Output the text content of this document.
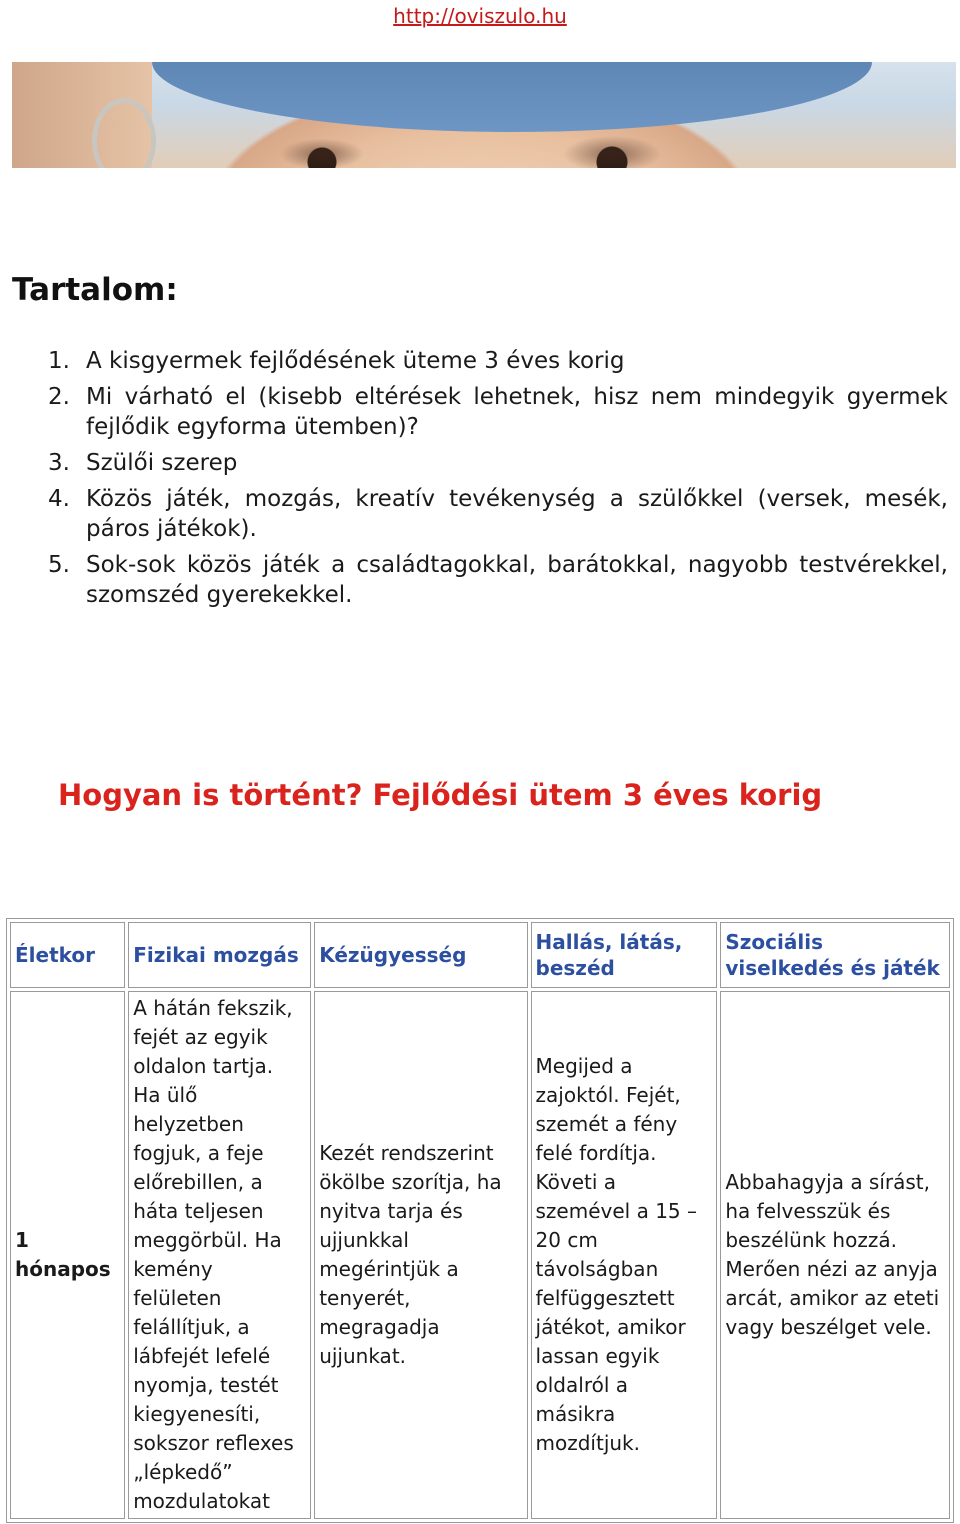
http://oviszulo.hu
Tartalom:
1. A kisgyermek fejlődésének üteme 3 éves korig
2. Mi várható el (kisebb eltérések lehetnek, hisz nem mindegyik gyermek fejlődik egyforma ütemben)?
3. Szülői szerep
4. Közös játék, mozgás, kreatív tevékenység a szülőkkel (versek, mesék, páros játékok).
5. Sok-sok közös játék a családtagokkal, barátokkal, nagyobb testvérekkel, szomszéd gyerekekkel.
Hogyan is történt? Fejlődési ütem 3 éves korig
Életkor	Fizikai mozgás	Kézügyesség	Hallás, látás, beszéd	Szociális viselkedés és játék
1 hónapos	A hátán fekszik, fejét az egyik oldalon tartja. Ha ülő helyzetben fogjuk, a feje előrebillen, a háta teljesen meggörbül. Ha kemény felületen felállítjuk, a lábfejét lefelé nyomja, testét kiegyenesíti, sokszor reflexes „lépkedő” mozdulatokat	Kezét rendszerint ökölbe szorítja, ha nyitva tarja és ujjunkkal megérintjük a tenyerét, megragadja ujjunkat.	Megijed a zajoktól. Fejét, szemét a fény felé fordítja. Követi a szemével a 15 – 20 cm távolságban felfüggesztett játékot, amikor lassan egyik oldalról a másikra mozdítjuk.	Abbahagyja a sírást, ha felvesszük és beszélünk hozzá. Merően nézi az anyja arcát, amikor az eteti vagy beszélget vele.
